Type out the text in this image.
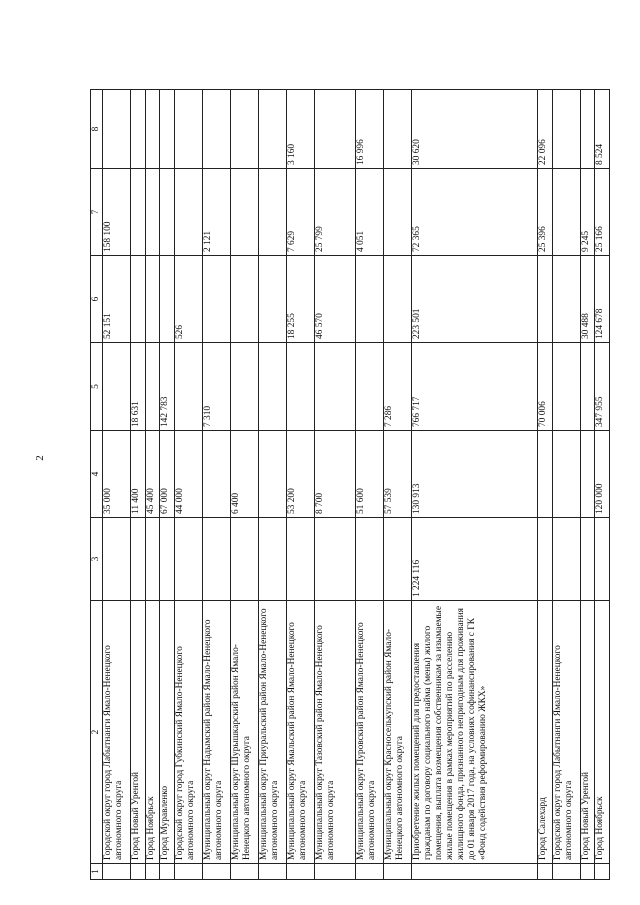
2
1	2	3	4	5	6	7	8
	Городской округ город Лабытнанги Ямало-Ненецкого автономного округа		35 000		52 151	158 100	
	Город Новый Уренгой		11 400	18 631			
	Город Ноябрьск		45 400				
	Город Муравленко		67 000	142 783			
	Городской округ город Губкинский Ямало-Ненецкого автономного округа		44 000		526		
	Муниципальный округ Надымский район Ямало-Ненецкого автономного округа			7 310		2 121	
	Муниципальный округ Шурышкарский район Ямало-Ненецкого автономного округа		6 400				
	Муниципальный округ Приуральский район Ямало-Ненецкого автономного округа						
	Муниципальный округ Ямальский район Ямало-Ненецкого автономного округа		53 200		18 255	7 629	3 160
	Муниципальный округ Тазовский район Ямало-Ненецкого автономного округа		8 700		46 570	25 799	
	Муниципальный округ Пуровский район Ямало-Ненецкого автономного округа		51 600			4 051	16 996
	Муниципальный округ Красноселькупский район Ямало-Ненецкого автономного округа		57 539	7 286			
	Приобретение жилых помещений для предоставления гражданам по договору социального найма (мены) жилого помещения, выплата возмещения собственникам за изымаемые жилые помещения в рамках мероприятий по расселению жилищного фонда, признанного непригодным для проживания до 01 января 2017 года, на условиях софинансирования с ГК «Фонд содействия реформированию ЖКХ»	1 224 116	130 913	766 717	223 501	72 365	30 620
	Город Салехард			70 006		25 396	22 096
	Городской округ город Лабытнанги Ямало-Ненецкого автономного округа						
	Город Новый Уренгой				30 488	9 245	
	Город Ноябрьск		120 000	347 955	124 678	25 166	8 524
